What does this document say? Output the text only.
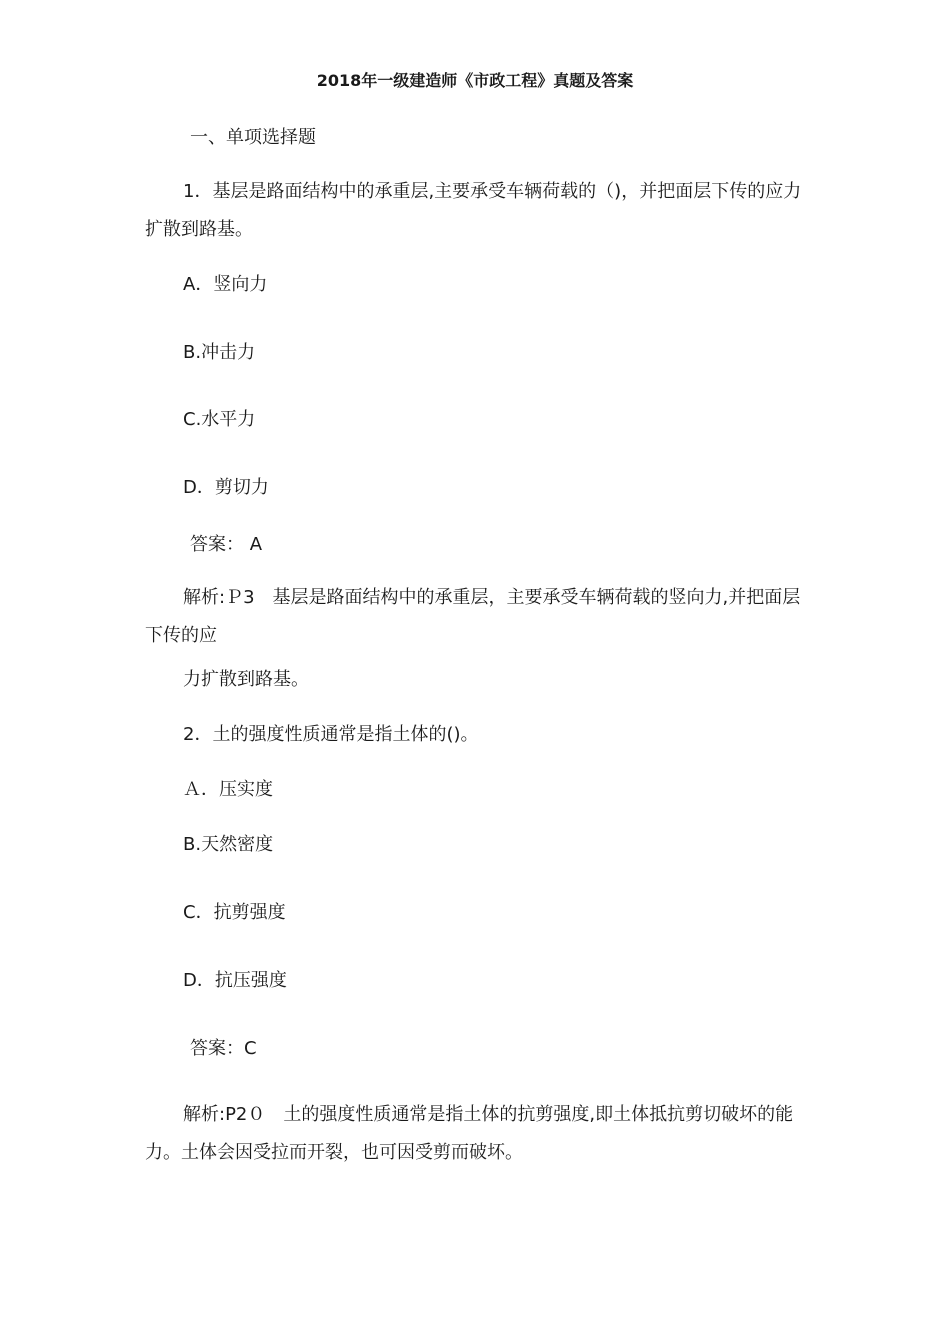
2018年一级建造师《市政工程》真题及答案

一、单项选择题

1．基层是路面结构中的承重层,主要承受车辆荷载的（)，并把面层下传的应力扩散到路基。

A．竖向力

B.冲击力

C.水平力

D．剪切力

答案： A

解析:Ｐ3　基层是路面结构中的承重层，主要承受车辆荷载的竖向力,并把面层下传的应

力扩散到路基。

2．土的强度性质通常是指土体的()。

Ａ．压实度

B.天然密度

C．抗剪强度

D．抗压强度

答案：C

解析:P2０　土的强度性质通常是指土体的抗剪强度,即土体抵抗剪切破坏的能力。土体会因受拉而开裂，也可因受剪而破坏。
